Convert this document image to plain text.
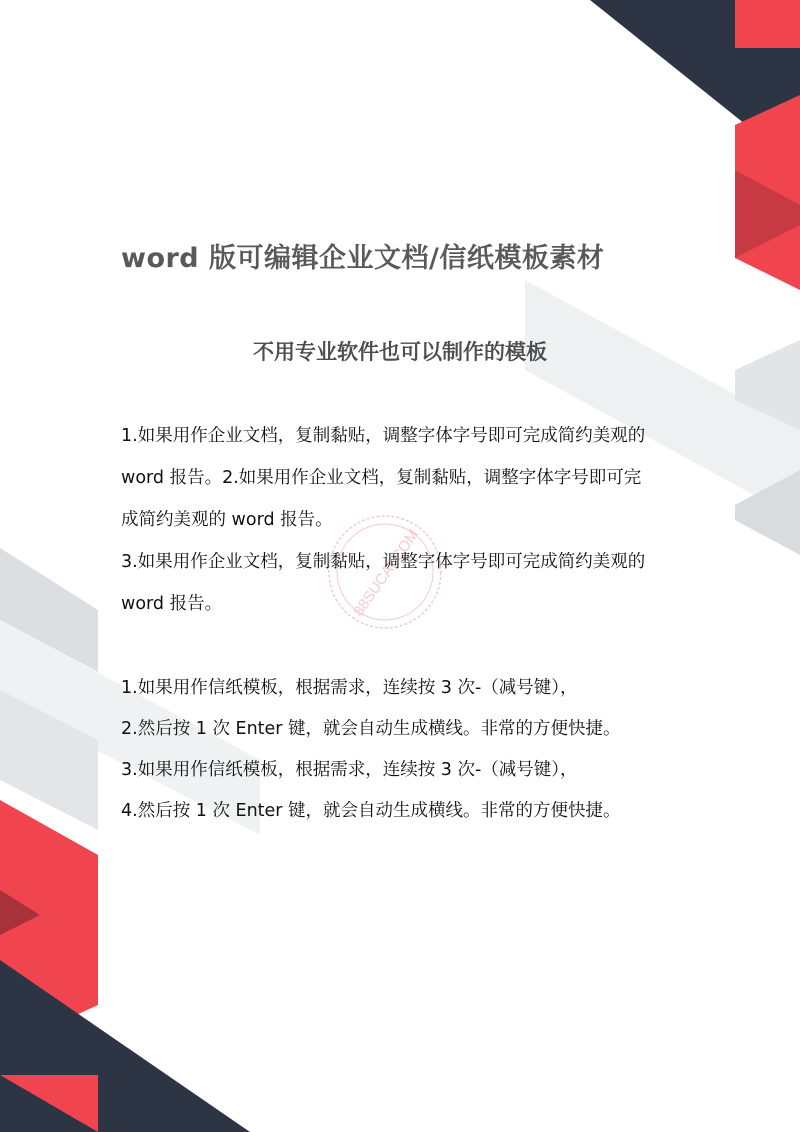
88SUCAI.COM
word 版可编辑企业文档/信纸模板素材
不用专业软件也可以制作的模板

1.如果用作企业文档，复制黏贴，调整字体字号即可完成简约美观的

word 报告。2.如果用作企业文档，复制黏贴，调整字体字号即可完

成简约美观的 word 报告。

3.如果用作企业文档，复制黏贴，调整字体字号即可完成简约美观的

word 报告。

1.如果用作信纸模板，根据需求，连续按 3 次-（减号键），

2.然后按 1 次 Enter 键，就会自动生成横线。非常的方便快捷。

3.如果用作信纸模板，根据需求，连续按 3 次-（减号键），

4.然后按 1 次 Enter 键，就会自动生成横线。非常的方便快捷。
